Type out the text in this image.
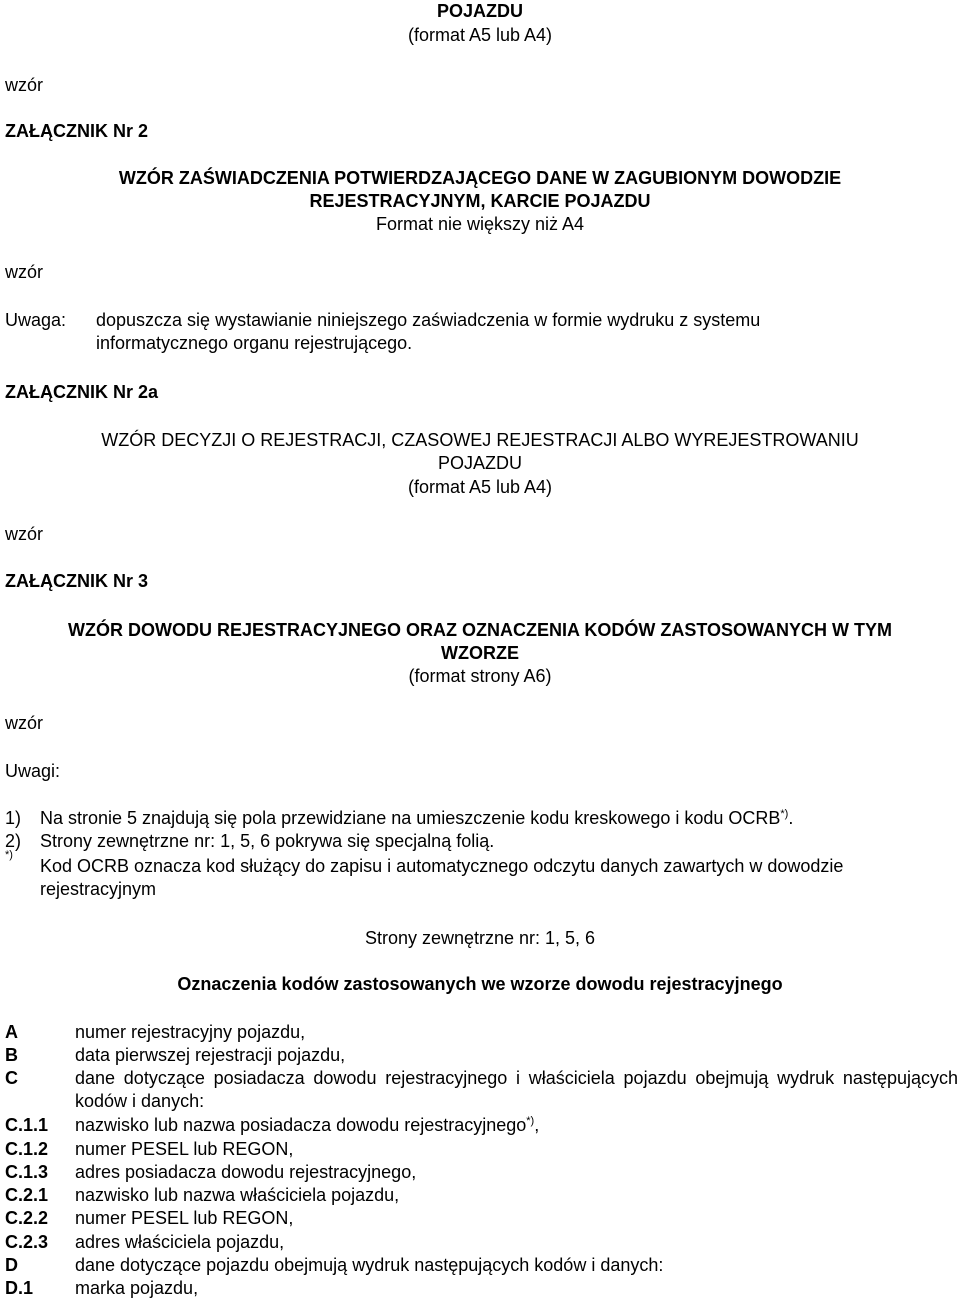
POJAZDU
(format A5 lub A4)
wzór
ZAŁĄCZNIK Nr 2
WZÓR ZAŚWIADCZENIA POTWIERDZAJĄCEGO DANE W ZAGUBIONYM DOWODZIE
REJESTRACYJNYM, KARCIE POJAZDU
Format nie większy niż A4
wzór
Uwaga: dopuszcza się wystawianie niniejszego zaświadczenia w formie wydruku z systemu
informatycznego organu rejestrującego.
ZAŁĄCZNIK Nr 2a
WZÓR DECYZJI O REJESTRACJI, CZASOWEJ REJESTRACJI ALBO WYREJESTROWANIU
POJAZDU
(format A5 lub A4)
wzór
ZAŁĄCZNIK Nr 3
WZÓR DOWODU REJESTRACYJNEGO ORAZ OZNACZENIA KODÓW ZASTOSOWANYCH W TYM
WZORZE
(format strony A6)
wzór
Uwagi:
1) Na stronie 5 znajdują się pola przewidziane na umieszczenie kodu kreskowego i kodu OCRB*).
2) Strony zewnętrzne nr: 1, 5, 6 pokrywa się specjalną folią.
*)
Kod OCRB oznacza kod służący do zapisu i automatycznego odczytu danych zawartych w dowodzie
rejestracyjnym
Strony zewnętrzne nr: 1, 5, 6
Oznaczenia kodów zastosowanych we wzorze dowodu rejestracyjnego
A	numer rejestracyjny pojazdu,
B	data pierwszej rejestracji pojazdu,
C	dane dotyczące posiadacza dowodu rejestracyjnego i właściciela pojazdu obejmują wydruk następujących kodów i danych:
C.1.1	nazwisko lub nazwa posiadacza dowodu rejestracyjnego*),
C.1.2	numer PESEL lub REGON,
C.1.3	adres posiadacza dowodu rejestracyjnego,
C.2.1	nazwisko lub nazwa właściciela pojazdu,
C.2.2	numer PESEL lub REGON,
C.2.3	adres właściciela pojazdu,
D	dane dotyczące pojazdu obejmują wydruk następujących kodów i danych:
D.1	marka pojazdu,
